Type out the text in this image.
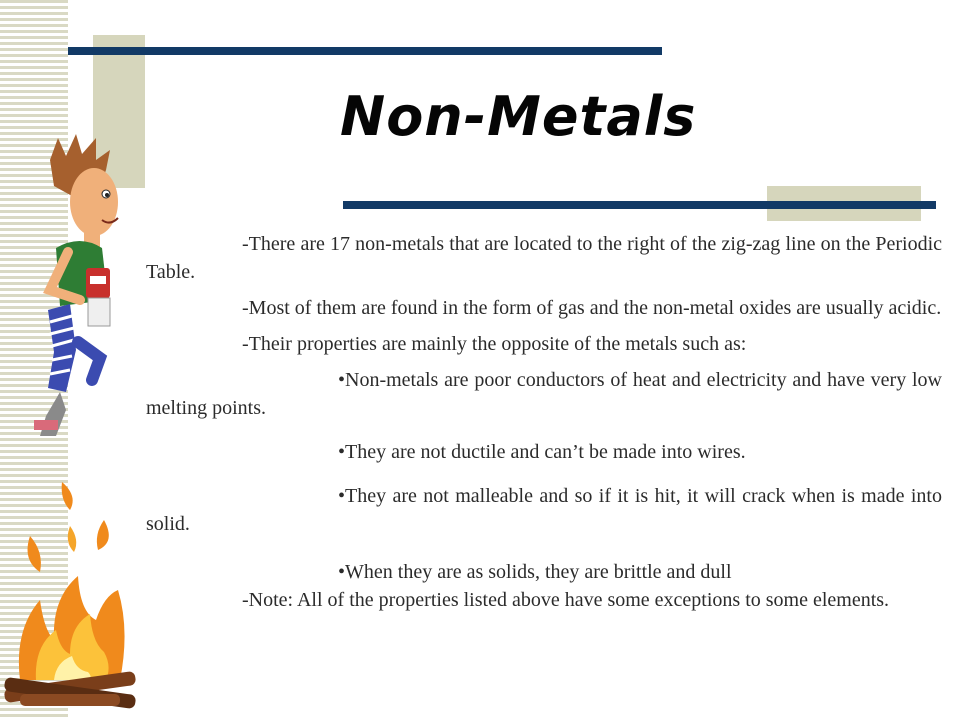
Non-Metals

-There are 17 non-metals that are located to the right of the zig-zag line on the Periodic Table.

-Most of them are found in the form of gas and the non-metal oxides are usually acidic.

-Their properties are mainly the opposite of the metals such as:

•Non-metals are poor conductors of heat and electricity and have very low melting points.

•They are not ductile and can’t be made into wires.

•They are not malleable and so if it is hit, it will crack when is made into solid.

•When they are as solids, they are brittle and dull

-Note: All of the properties listed above have some exceptions to some elements.
